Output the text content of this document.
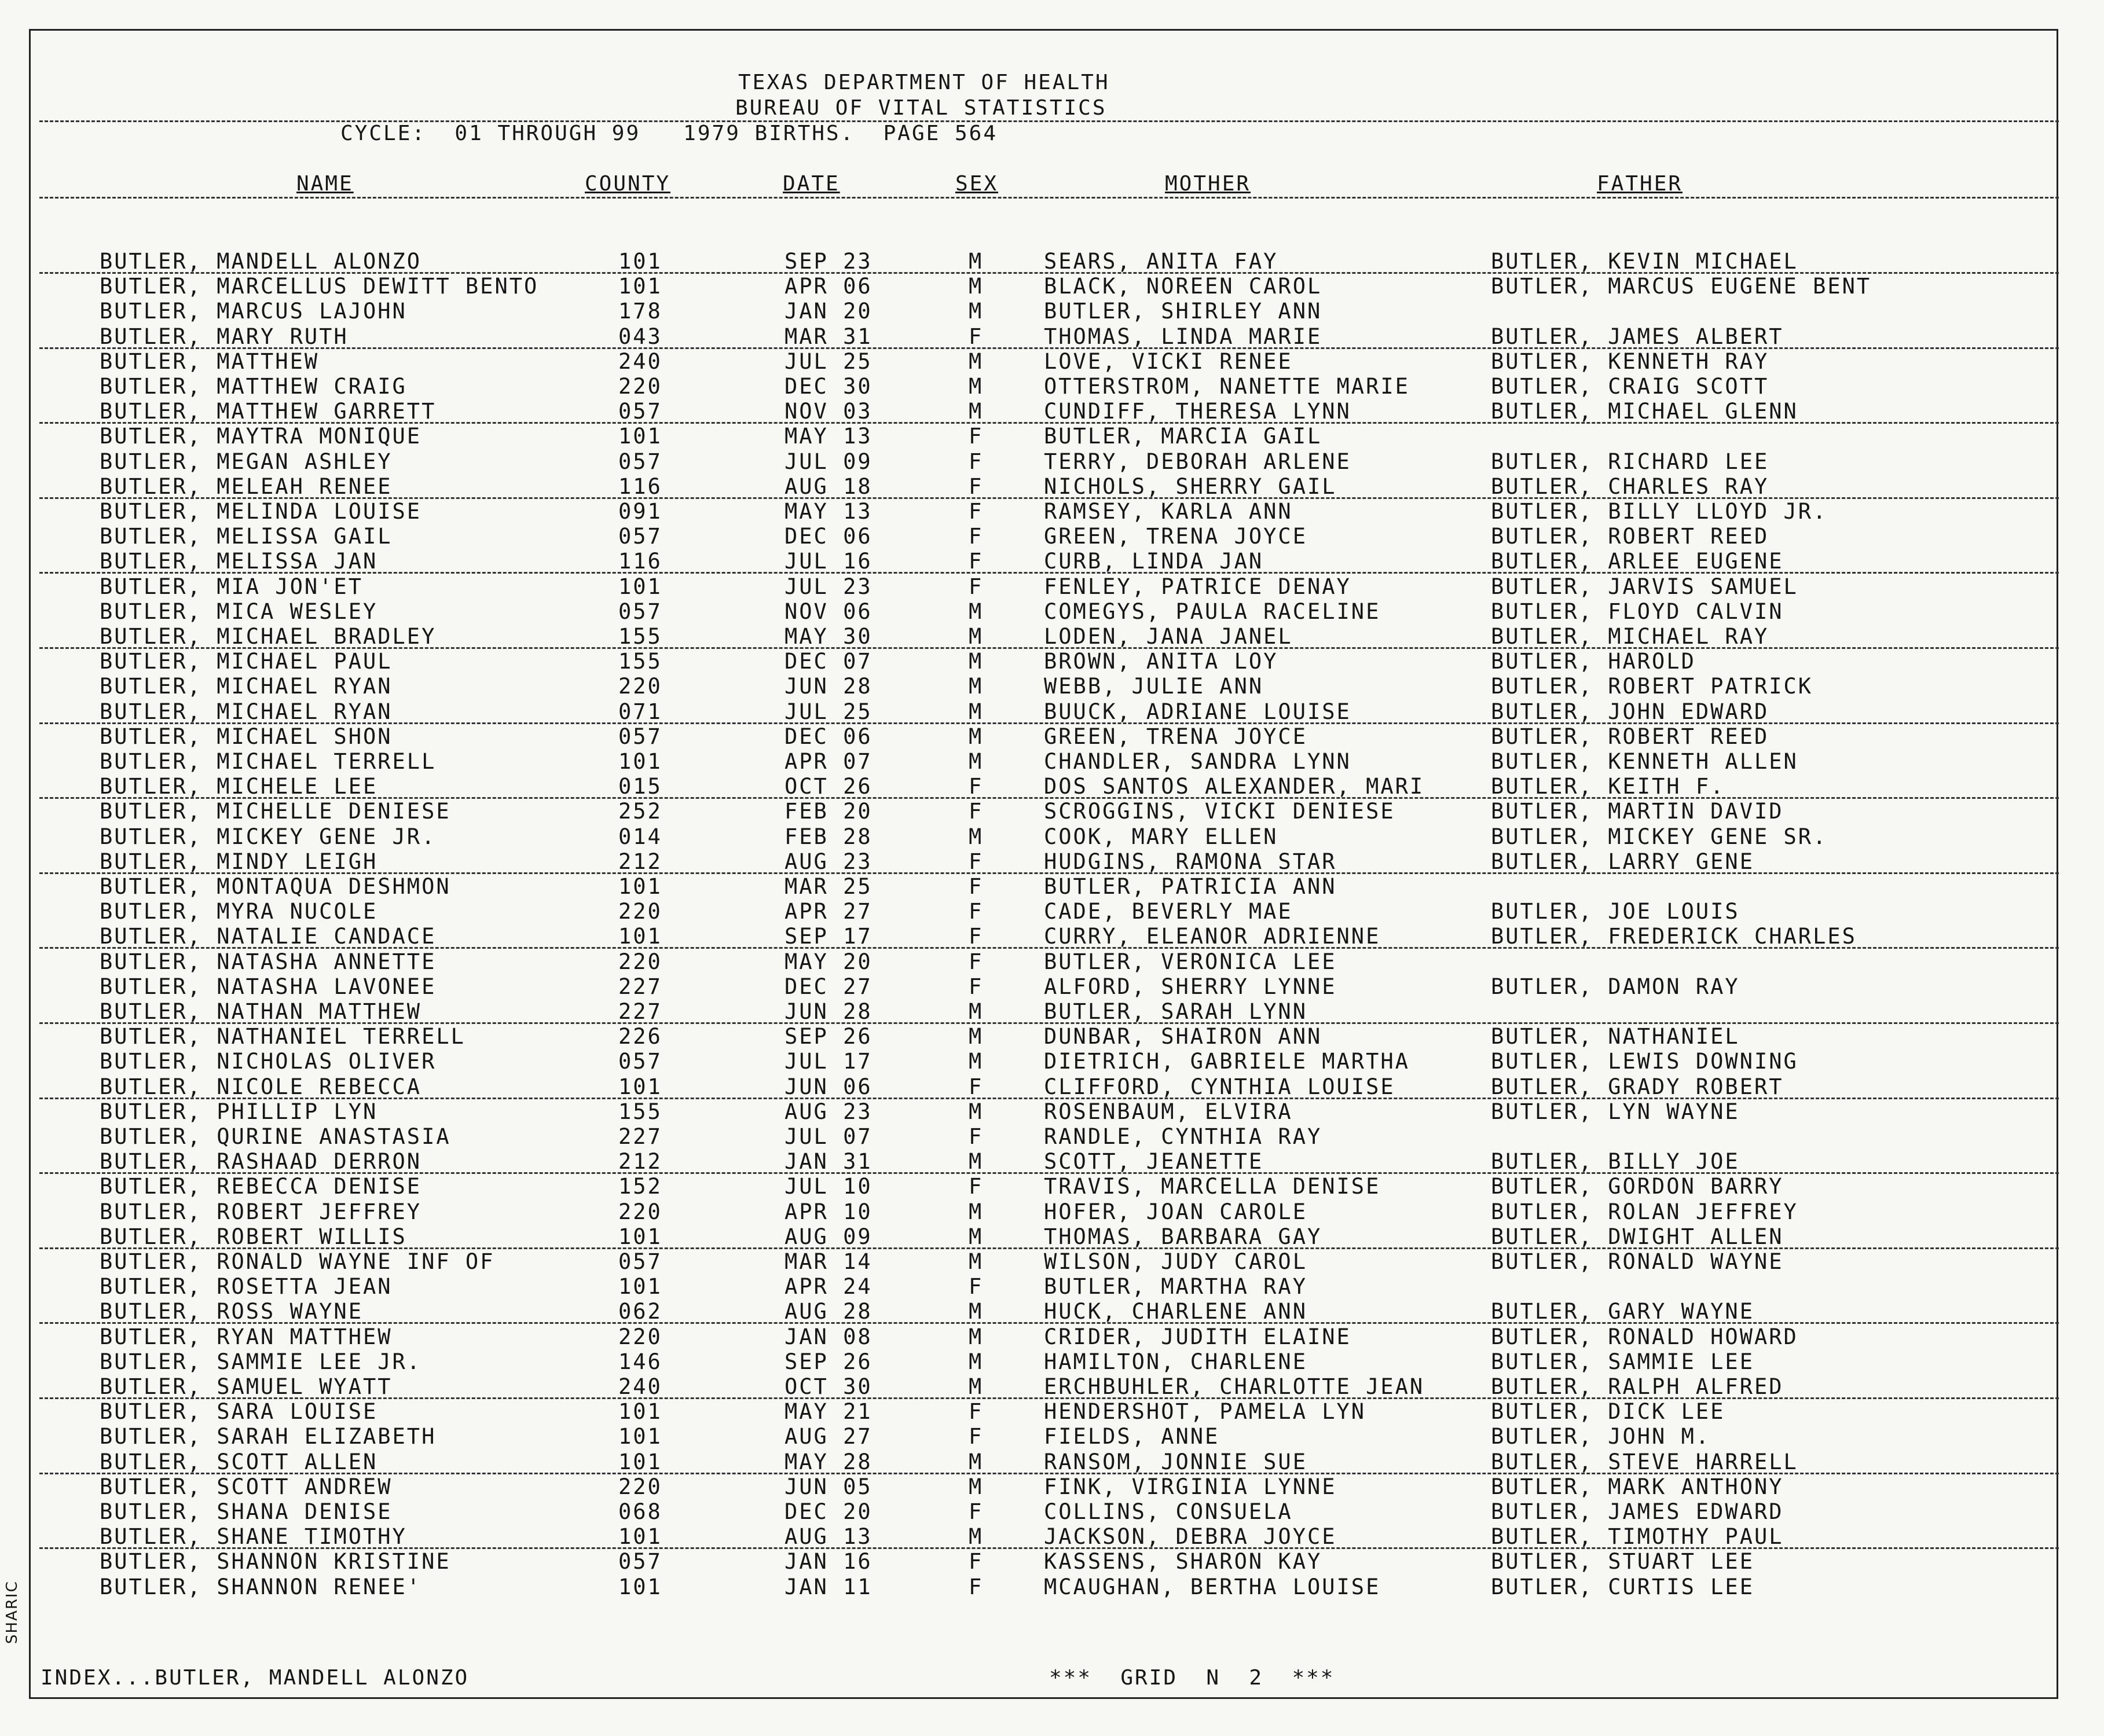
TEXAS DEPARTMENT OF HEALTH
BUREAU OF VITAL STATISTICS
CYCLE:  01 THROUGH 99   1979 BIRTHS.  PAGE 564
NAME	COUNTY	DATE	SEX	MOTHER	FATHER
BUTLER, MANDELL ALONZO	101	SEP 23	M	SEARS, ANITA FAY	BUTLER, KEVIN MICHAEL
BUTLER, MARCELLUS DEWITT BENTO	101	APR 06	M	BLACK, NOREEN CAROL	BUTLER, MARCUS EUGENE BENT
BUTLER, MARCUS LAJOHN	178	JAN 20	M	BUTLER, SHIRLEY ANN
BUTLER, MARY RUTH	043	MAR 31	F	THOMAS, LINDA MARIE	BUTLER, JAMES ALBERT
BUTLER, MATTHEW	240	JUL 25	M	LOVE, VICKI RENEE	BUTLER, KENNETH RAY
BUTLER, MATTHEW CRAIG	220	DEC 30	M	OTTERSTROM, NANETTE MARIE	BUTLER, CRAIG SCOTT
BUTLER, MATTHEW GARRETT	057	NOV 03	M	CUNDIFF, THERESA LYNN	BUTLER, MICHAEL GLENN
BUTLER, MAYTRA MONIQUE	101	MAY 13	F	BUTLER, MARCIA GAIL
BUTLER, MEGAN ASHLEY	057	JUL 09	F	TERRY, DEBORAH ARLENE	BUTLER, RICHARD LEE
BUTLER, MELEAH RENEE	116	AUG 18	F	NICHOLS, SHERRY GAIL	BUTLER, CHARLES RAY
BUTLER, MELINDA LOUISE	091	MAY 13	F	RAMSEY, KARLA ANN	BUTLER, BILLY LLOYD JR.
BUTLER, MELISSA GAIL	057	DEC 06	F	GREEN, TRENA JOYCE	BUTLER, ROBERT REED
BUTLER, MELISSA JAN	116	JUL 16	F	CURB, LINDA JAN	BUTLER, ARLEE EUGENE
BUTLER, MIA JON'ET	101	JUL 23	F	FENLEY, PATRICE DENAY	BUTLER, JARVIS SAMUEL
BUTLER, MICA WESLEY	057	NOV 06	M	COMEGYS, PAULA RACELINE	BUTLER, FLOYD CALVIN
BUTLER, MICHAEL BRADLEY	155	MAY 30	M	LODEN, JANA JANEL	BUTLER, MICHAEL RAY
BUTLER, MICHAEL PAUL	155	DEC 07	M	BROWN, ANITA LOY	BUTLER, HAROLD
BUTLER, MICHAEL RYAN	220	JUN 28	M	WEBB, JULIE ANN	BUTLER, ROBERT PATRICK
BUTLER, MICHAEL RYAN	071	JUL 25	M	BUUCK, ADRIANE LOUISE	BUTLER, JOHN EDWARD
BUTLER, MICHAEL SHON	057	DEC 06	M	GREEN, TRENA JOYCE	BUTLER, ROBERT REED
BUTLER, MICHAEL TERRELL	101	APR 07	M	CHANDLER, SANDRA LYNN	BUTLER, KENNETH ALLEN
BUTLER, MICHELE LEE	015	OCT 26	F	DOS SANTOS ALEXANDER, MARI	BUTLER, KEITH F.
BUTLER, MICHELLE DENIESE	252	FEB 20	F	SCROGGINS, VICKI DENIESE	BUTLER, MARTIN DAVID
BUTLER, MICKEY GENE JR.	014	FEB 28	M	COOK, MARY ELLEN	BUTLER, MICKEY GENE SR.
BUTLER, MINDY LEIGH	212	AUG 23	F	HUDGINS, RAMONA STAR	BUTLER, LARRY GENE
BUTLER, MONTAQUA DESHMON	101	MAR 25	F	BUTLER, PATRICIA ANN
BUTLER, MYRA NUCOLE	220	APR 27	F	CADE, BEVERLY MAE	BUTLER, JOE LOUIS
BUTLER, NATALIE CANDACE	101	SEP 17	F	CURRY, ELEANOR ADRIENNE	BUTLER, FREDERICK CHARLES
BUTLER, NATASHA ANNETTE	220	MAY 20	F	BUTLER, VERONICA LEE
BUTLER, NATASHA LAVONEE	227	DEC 27	F	ALFORD, SHERRY LYNNE	BUTLER, DAMON RAY
BUTLER, NATHAN MATTHEW	227	JUN 28	M	BUTLER, SARAH LYNN
BUTLER, NATHANIEL TERRELL	226	SEP 26	M	DUNBAR, SHAIRON ANN	BUTLER, NATHANIEL
BUTLER, NICHOLAS OLIVER	057	JUL 17	M	DIETRICH, GABRIELE MARTHA	BUTLER, LEWIS DOWNING
BUTLER, NICOLE REBECCA	101	JUN 06	F	CLIFFORD, CYNTHIA LOUISE	BUTLER, GRADY ROBERT
BUTLER, PHILLIP LYN	155	AUG 23	M	ROSENBAUM, ELVIRA	BUTLER, LYN WAYNE
BUTLER, QURINE ANASTASIA	227	JUL 07	F	RANDLE, CYNTHIA RAY
BUTLER, RASHAAD DERRON	212	JAN 31	M	SCOTT, JEANETTE	BUTLER, BILLY JOE
BUTLER, REBECCA DENISE	152	JUL 10	F	TRAVIS, MARCELLA DENISE	BUTLER, GORDON BARRY
BUTLER, ROBERT JEFFREY	220	APR 10	M	HOFER, JOAN CAROLE	BUTLER, ROLAN JEFFREY
BUTLER, ROBERT WILLIS	101	AUG 09	M	THOMAS, BARBARA GAY	BUTLER, DWIGHT ALLEN
BUTLER, RONALD WAYNE INF OF	057	MAR 14	M	WILSON, JUDY CAROL	BUTLER, RONALD WAYNE
BUTLER, ROSETTA JEAN	101	APR 24	F	BUTLER, MARTHA RAY
BUTLER, ROSS WAYNE	062	AUG 28	M	HUCK, CHARLENE ANN	BUTLER, GARY WAYNE
BUTLER, RYAN MATTHEW	220	JAN 08	M	CRIDER, JUDITH ELAINE	BUTLER, RONALD HOWARD
BUTLER, SAMMIE LEE JR.	146	SEP 26	M	HAMILTON, CHARLENE	BUTLER, SAMMIE LEE
BUTLER, SAMUEL WYATT	240	OCT 30	M	ERCHBUHLER, CHARLOTTE JEAN	BUTLER, RALPH ALFRED
BUTLER, SARA LOUISE	101	MAY 21	F	HENDERSHOT, PAMELA LYN	BUTLER, DICK LEE
BUTLER, SARAH ELIZABETH	101	AUG 27	F	FIELDS, ANNE	BUTLER, JOHN M.
BUTLER, SCOTT ALLEN	101	MAY 28	M	RANSOM, JONNIE SUE	BUTLER, STEVE HARRELL
BUTLER, SCOTT ANDREW	220	JUN 05	M	FINK, VIRGINIA LYNNE	BUTLER, MARK ANTHONY
BUTLER, SHANA DENISE	068	DEC 20	F	COLLINS, CONSUELA	BUTLER, JAMES EDWARD
BUTLER, SHANE TIMOTHY	101	AUG 13	M	JACKSON, DEBRA JOYCE	BUTLER, TIMOTHY PAUL
BUTLER, SHANNON KRISTINE	057	JAN 16	F	KASSENS, SHARON KAY	BUTLER, STUART LEE
BUTLER, SHANNON RENEE'	101	JAN 11	F	MCAUGHAN, BERTHA LOUISE	BUTLER, CURTIS LEE
INDEX...BUTLER, MANDELL ALONZO	***  GRID  N  2  ***
SHARIC
